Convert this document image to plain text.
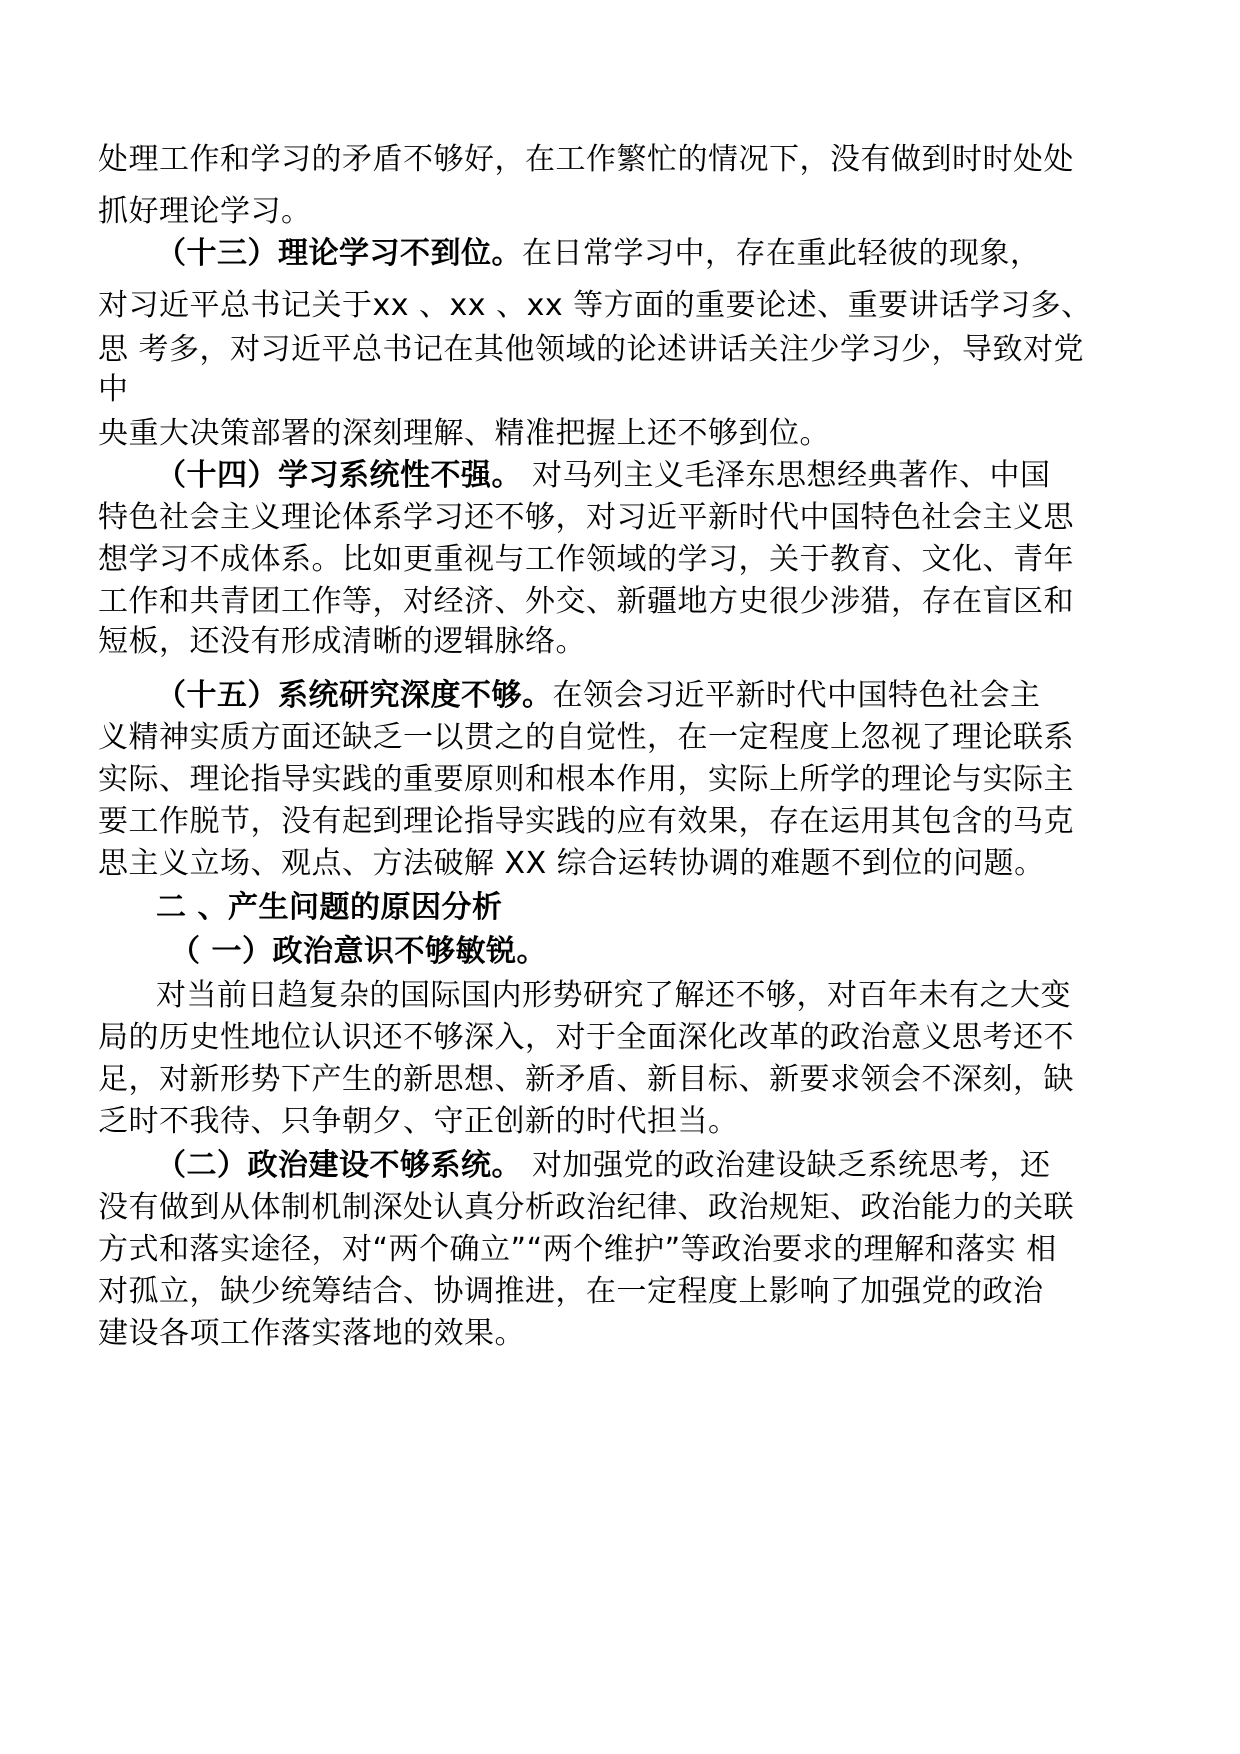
处理工作和学习的矛盾不够好，在工作繁忙的情况下，没有做到时时处处
抓好理论学习。
（十三）理论学习不到位。在日常学习中，存在重此轻彼的现象，
对习近平总书记关于xx 、xx 、xx 等方面的重要论述、重要讲话学习多、
思 考多，对习近平总书记在其他领域的论述讲话关注少学习少，导致对党
中
央重大决策部署的深刻理解、精准把握上还不够到位。
（十四）学习系统性不强。 对马列主义毛泽东思想经典著作、中国
特色社会主义理论体系学习还不够，对习近平新时代中国特色社会主义思
想学习不成体系。比如更重视与工作领域的学习，关于教育、文化、青年
工作和共青团工作等，对经济、外交、新疆地方史很少涉猎，存在盲区和
短板，还没有形成清晰的逻辑脉络。
（十五）系统研究深度不够。在领会习近平新时代中国特色社会主
义精神实质方面还缺乏一以贯之的自觉性，在一定程度上忽视了理论联系
实际、理论指导实践的重要原则和根本作用，实际上所学的理论与实际主
要工作脱节，没有起到理论指导实践的应有效果，存在运用其包含的马克
思主义立场、观点、方法破解 XX 综合运转协调的难题不到位的问题。
二 、产生问题的原因分析
（ 一）政治意识不够敏锐。
对当前日趋复杂的国际国内形势研究了解还不够，对百年未有之大变
局的历史性地位认识还不够深入，对于全面深化改革的政治意义思考还不
足，对新形势下产生的新思想、新矛盾、新目标、新要求领会不深刻，缺
乏时不我待、只争朝夕、守正创新的时代担当。
（二）政治建设不够系统。 对加强党的政治建设缺乏系统思考，还
没有做到从体制机制深处认真分析政治纪律、政治规矩、政治能力的关联
方式和落实途径，对“两个确立”“两个维护”等政治要求的理解和落实 相
对孤立，缺少统筹结合、协调推进，在一定程度上影响了加强党的政治
建设各项工作落实落地的效果。
